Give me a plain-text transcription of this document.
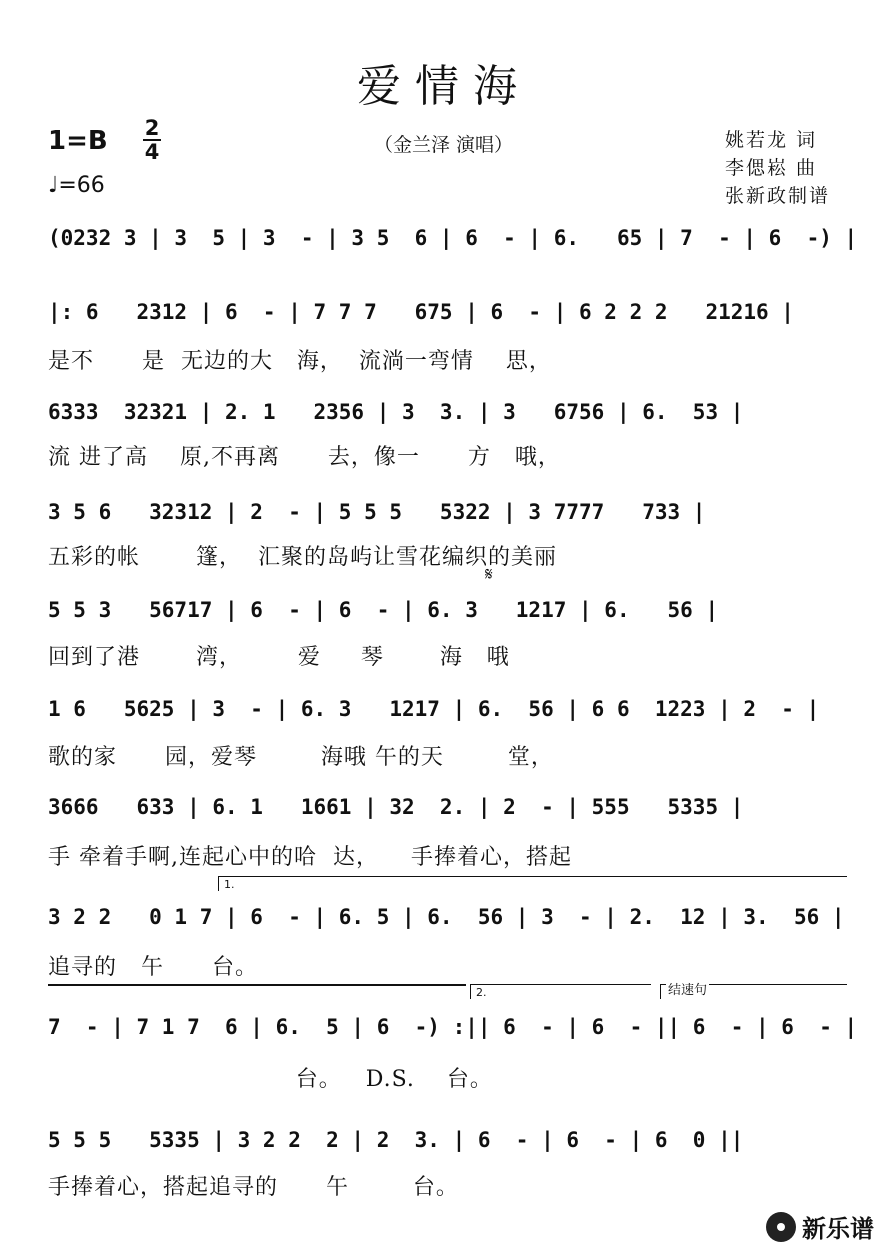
爱情海
1=B 2
4
♩=66
（金兰泽 演唱）	姚若龙 词
李偲崧 曲
张新政制谱
(0232 3 | 3  5 | 3  - | 3 5  6 | 6  - | 6.   65 | 7  - | 6  -) |
|: 6   2312 | 6  - | 7 7 7   675 | 6  - | 6 2 2 2   21216 |
是不      是  无边的大   海，  流淌一弯情    思，
6333  32321 | 2. 1   2356 | 3  3. | 3   6756 | 6.  53 |
流 进了高    原,不再离      去，像一      方   哦，
3 5 6   32312 | 2  - | 5 5 5   5322 | 3 7777   733 |
五彩的帐       篷，  汇聚的岛屿让雪花编织的美丽
𝄋
5 5 3   56717 | 6  - | 6  - | 6. 3   1217 | 6.   56 |
回到了港       湾，       爱     琴       海   哦
1 6   5625 | 3  - | 6. 3   1217 | 6.  56 | 6 6  1223 | 2  - |
歌的家      园，爱琴        海哦 午的天        堂，
3666   633 | 6. 1   1661 | 32  2. | 2  - | 555   5335 |
手 牵着手啊,连起心中的哈  达，    手捧着心，搭起
1.
3 2 2   0 1 7 | 6  - | 6. 5 | 6.  56 | 3  - | 2.  12 | 3.  56 |
追寻的   午      台。
2.	结速句
7  - | 7 1 7  6 | 6.  5 | 6  -) :|| 6  - | 6  - || 6  - | 6  - |
台。   D.S.    台。
5 5 5   5335 | 3 2 2  2 | 2  3. | 6  - | 6  - | 6  0 ||
手捧着心，搭起追寻的      午        台。
新乐谱
